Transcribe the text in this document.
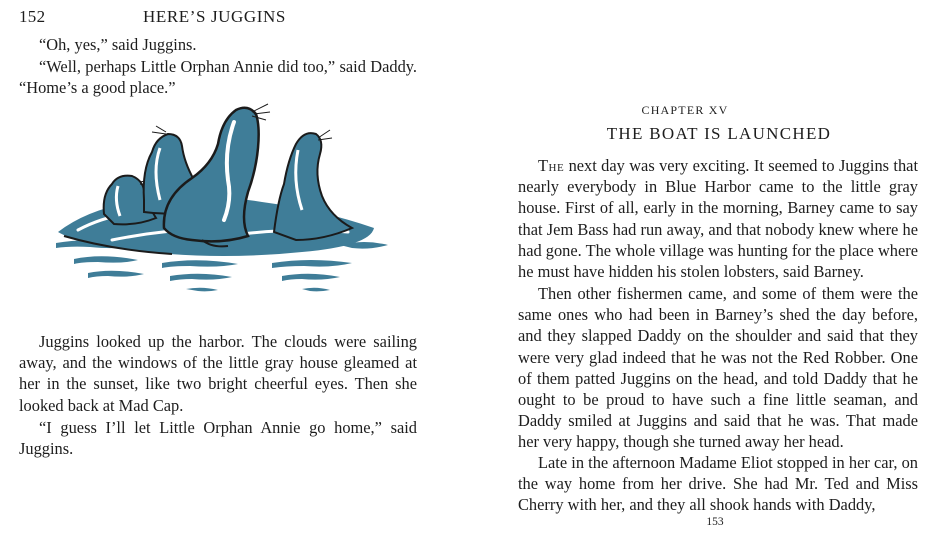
152	HERE’S JUGGINS

“Oh, yes,” said Juggins.

“Well, perhaps Little Orphan Annie did too,” said Daddy. “Home’s a good place.”

Juggins looked up the harbor. The clouds were sailing away, and the windows of the little gray house gleamed at her in the sunset, like two bright cheerful eyes. Then she looked back at Mad Cap.

“I guess I’ll let Little Orphan Annie go home,” said Juggins.

CHAPTER XV
THE BOAT IS LAUNCHED

The next day was very exciting. It seemed to Juggins that nearly everybody in Blue Harbor came to the little gray house. First of all, early in the morning, Barney came to say that Jem Bass had run away, and that nobody knew where he had gone. The whole village was hunting for the place where he must have hidden his stolen lobsters, said Barney.

Then other fishermen came, and some of them were the same ones who had been in Barney’s shed the day before, and they slapped Daddy on the shoulder and said that they were very glad indeed that he was not the Red Robber. One of them patted Juggins on the head, and told Daddy that he ought to be proud to have such a fine little seaman, and Daddy smiled at Juggins and said that he was. That made her very happy, though she turned away her head.

Late in the afternoon Madame Eliot stopped in her car, on the way home from her drive. She had Mr. Ted and Miss Cherry with her, and they all shook hands with Daddy,

153
